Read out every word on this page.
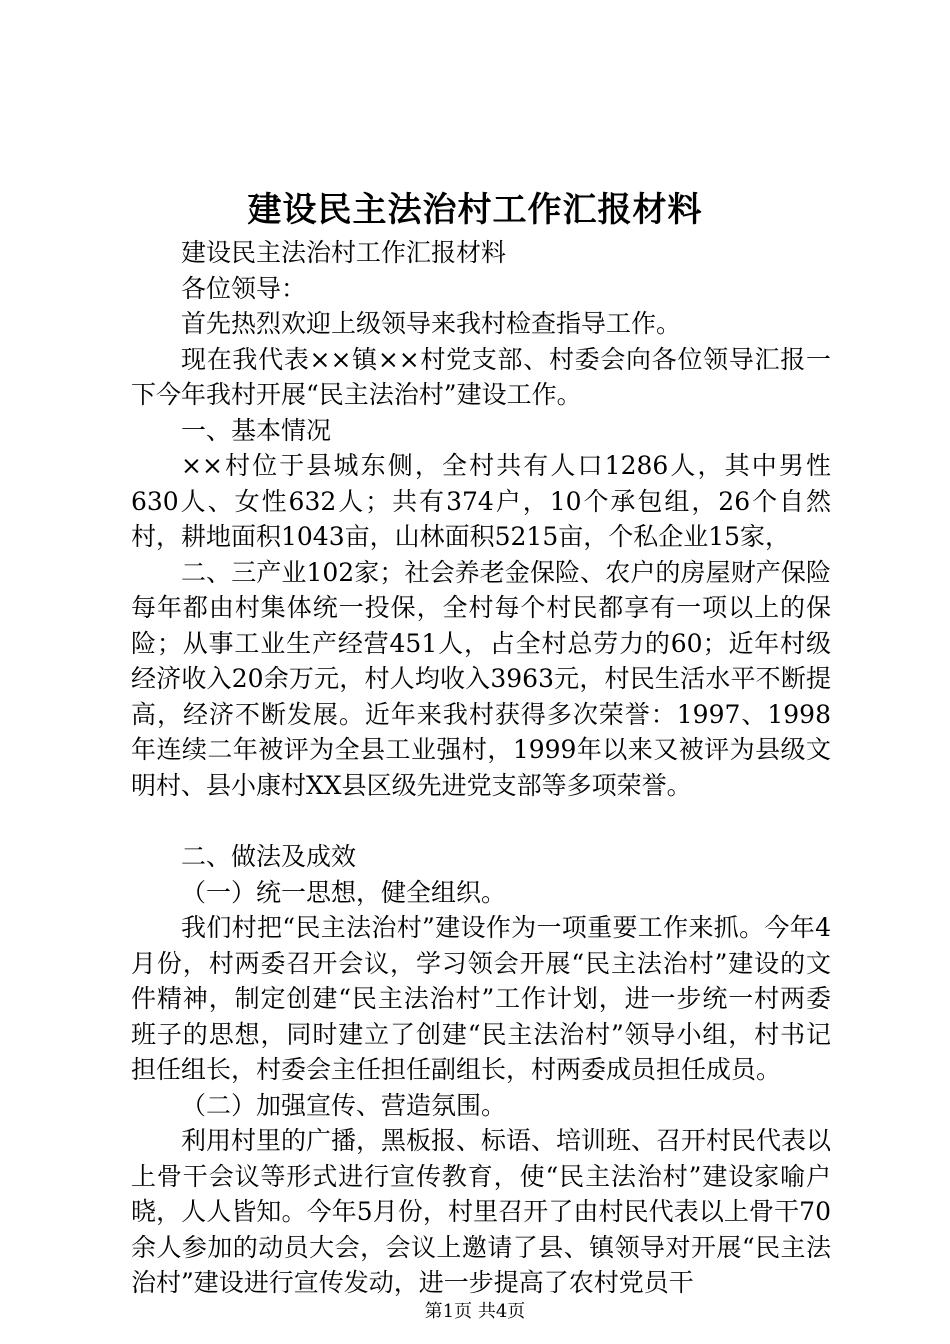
建设民主法治村工作汇报材料

建设民主法治村工作汇报材料

各位领导：

首先热烈欢迎上级领导来我村检查指导工作。

现在我代表××镇××村党支部、村委会向各位领导汇报一下今年我村开展“民主法治村”建设工作。

一、基本情况

××村位于县城东侧，全村共有人口1286人，其中男性630人、女性632人；共有374户，10个承包组，26个自然村，耕地面积1043亩，山林面积5215亩，个私企业15家，

二、三产业102家；社会养老金保险、农户的房屋财产保险每年都由村集体统一投保，全村每个村民都享有一项以上的保险；从事工业生产经营451人，占全村总劳力的60；近年村级经济收入20余万元，村人均收入3963元，村民生活水平不断提高，经济不断发展。近年来我村获得多次荣誉：1997、1998年连续二年被评为全县工业强村，1999年以来又被评为县级文明村、县小康村XX县区级先进党支部等多项荣誉。

二、做法及成效

（一）统一思想，健全组织。

我们村把“民主法治村”建设作为一项重要工作来抓。今年4月份，村两委召开会议，学习领会开展“民主法治村”建设的文件精神，制定创建“民主法治村”工作计划，进一步统一村两委班子的思想，同时建立了创建“民主法治村”领导小组，村书记担任组长，村委会主任担任副组长，村两委成员担任成员。

（二）加强宣传、营造氛围。

利用村里的广播，黑板报、标语、培训班、召开村民代表以上骨干会议等形式进行宣传教育，使“民主法治村”建设家喻户晓，人人皆知。今年5月份，村里召开了由村民代表以上骨干70余人参加的动员大会，会议上邀请了县、镇领导对开展“民主法治村”建设进行宣传发动，进一步提高了农村党员干

第1页 共4页
